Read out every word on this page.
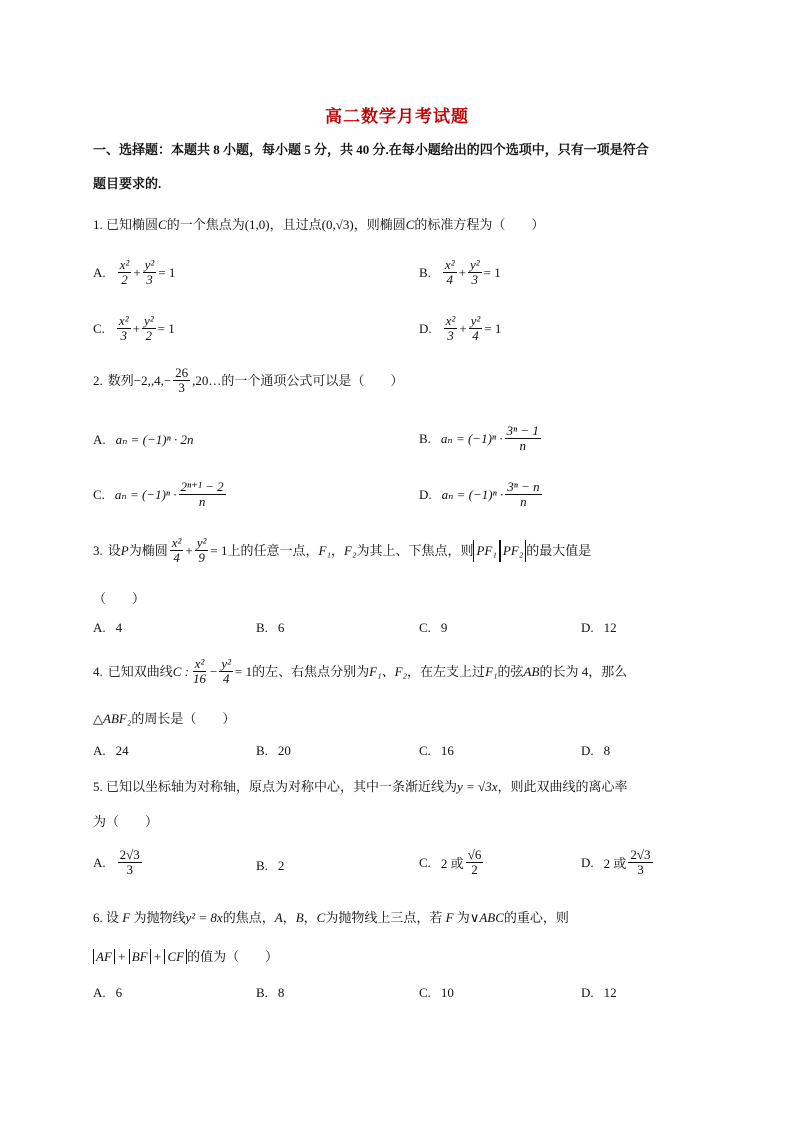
高二数学月考试题
一、选择题：本题共 8 小题，每小题 5 分，共 40 分.在每小题给出的四个选项中，只有一项是符合
题目要求的.
1. 已知椭圆C的一个焦点为(1,0)，且过点(0,√3)，则椭圆C的标准方程为（　　）
A. $\frac{\text{x²}}{2} + \frac{\text{y²}}{3} = 1$	B. $\frac{\text{x²}}{4} + \frac{\text{y²}}{3} = 1$
C. $\frac{\text{x²}}{3} + \frac{\text{y²}}{2} = 1$	D. $\frac{\text{x²}}{3} + \frac{\text{y²}}{4} = 1$
2. 数列$-2,,4,- \frac{26}{3}$ ,20…的一个通项公式可以是（　　）
A. aₙ = (−1)ⁿ · 2n	B. $a_n = (-1)^n \cdot \frac{\text{3ⁿ − 1}}{n}$
C. $a_n = (-1)^n \cdot \frac{\text{2ⁿ⁺¹ − 2}}{n}$	D. $a_n = (-1)^n \cdot \frac{\text{3ⁿ − n}}{n}$
3. 设 P 为椭圆 $\frac{\text{x²}}{4} + \frac{\text{y²}}{9} = 1$上的任意一点， F₁ ， F₂ 为其上、下焦点，则 PF₁ PF₂ 的最大值是
（　　）
A. 4	B. 6	C. 9	D. 12
4. 已知双曲线 C : $\frac{\text{x²}}{16} - \frac{\text{y²}}{4} = 1$的左、右焦点分别为 F₁、F₂ ，在左支上过 F₁ 的弦 AB 的长为 4，那么
△ABF₂的周长是（　　）
A. 24	B. 20	C. 16	D. 8
5. 已知以坐标轴为对称轴，原点为对称中心，其中一条渐近线为y = √3x，则此双曲线的离心率
为（　　）
A. $\frac{2√3}{3}$	B. 2	C. 2 或 $\frac{√6}{2}$	D. 2 或 $\frac{2√3}{3}$
6. 设 F 为抛物线y² = 8x的焦点，A，B，C为抛物线上三点，若 F 为∨ABC的重心，则
AF + BF + CF 的值为（　　）
A. 6	B. 8	C. 10	D. 12
